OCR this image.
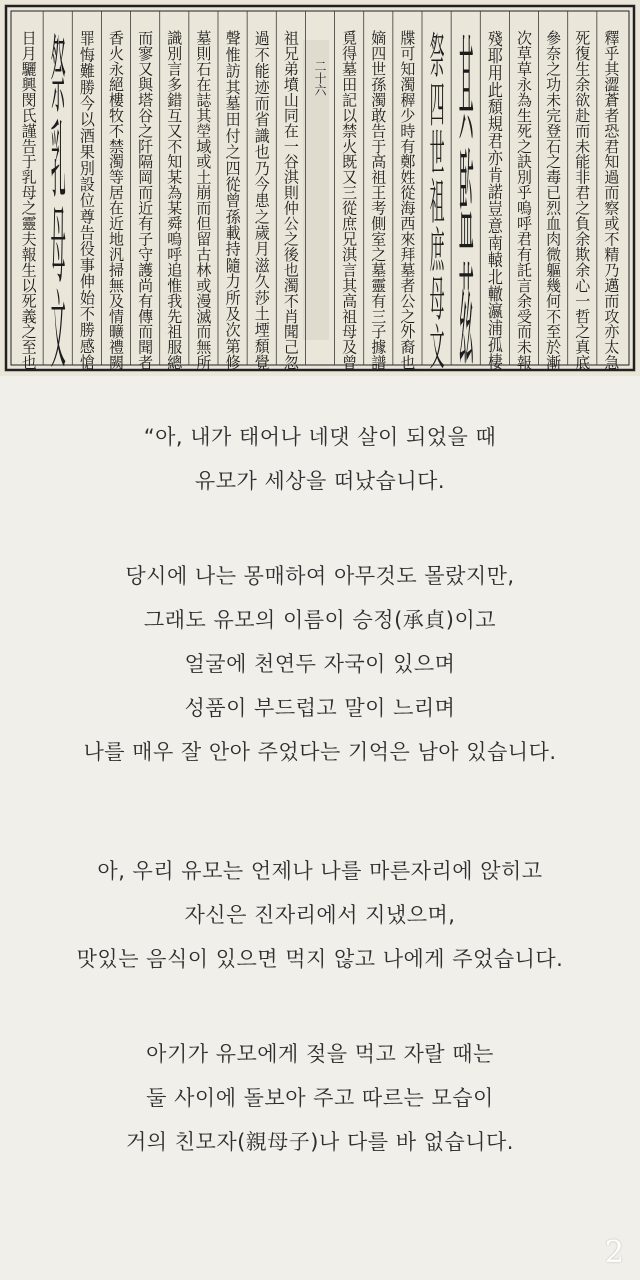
日月驪興閔氏謹告于乳母之靈夫報生以死義之至也 祭乳母文 罪悔難勝今以酒果別設位尊告役事伸始不勝感愴 香火永絕樓牧不禁濁等居在近地汎掃無及情曠禮闕 而寥又與塔谷之阡隔岡而近有子守護尚有傳而聞者 識別言多錯互又不知某為某舜嗚呼追惟我先祖服總 墓則石在誌其塋域或土崩而但留古林或漫滅而無所 聲惟訪其墓田付之四從曾孫載持隨力所及次第修 過不能迹而省識也乃今患之歲月滋久莎土堙頹覺 祖兄弟墳山同在一谷淇則仲公之後也濁不肖聞己忽	覓得墓田記以禁火既又三從庶兄淇言其高祖母及曾 嫡四世孫濁敢告于高祖王考側室之墓靈有三子據譜 牒可知濁稺少時有鄭姓從海西來拜墓者公之外裔也 祭四世祖庶母文 其監茲 殘耶用此頹規君亦肯諾豈意南轅北轍瀛浦孤棲 次草草永為生死之訣別乎嗚呼君有託言余受而未報 參奈之功未完登石之毒已烈血肉微軀幾何不至於漸 死復生余欲赴而未能非君之負余欺余心一哲之真底 釋乎其澀蒼者恐君知過而察或不精乃邁而攻亦太急
二十六

“아, 내가 태어나 네댓 살이 되었을 때
유모가 세상을 떠났습니다.

당시에 나는 몽매하여 아무것도 몰랐지만,
그래도 유모의 이름이 승정(承貞)이고
얼굴에 천연두 자국이 있으며
성품이 부드럽고 말이 느리며
나를 매우 잘 안아 주었다는 기억은 남아 있습니다.

아, 우리 유모는 언제나 나를 마른자리에 앉히고
자신은 진자리에서 지냈으며,
맛있는 음식이 있으면 먹지 않고 나에게 주었습니다.

아기가 유모에게 젖을 먹고 자랄 때는
둘 사이에 돌보아 주고 따르는 모습이
거의 친모자(親母子)나 다를 바 없습니다.

2
